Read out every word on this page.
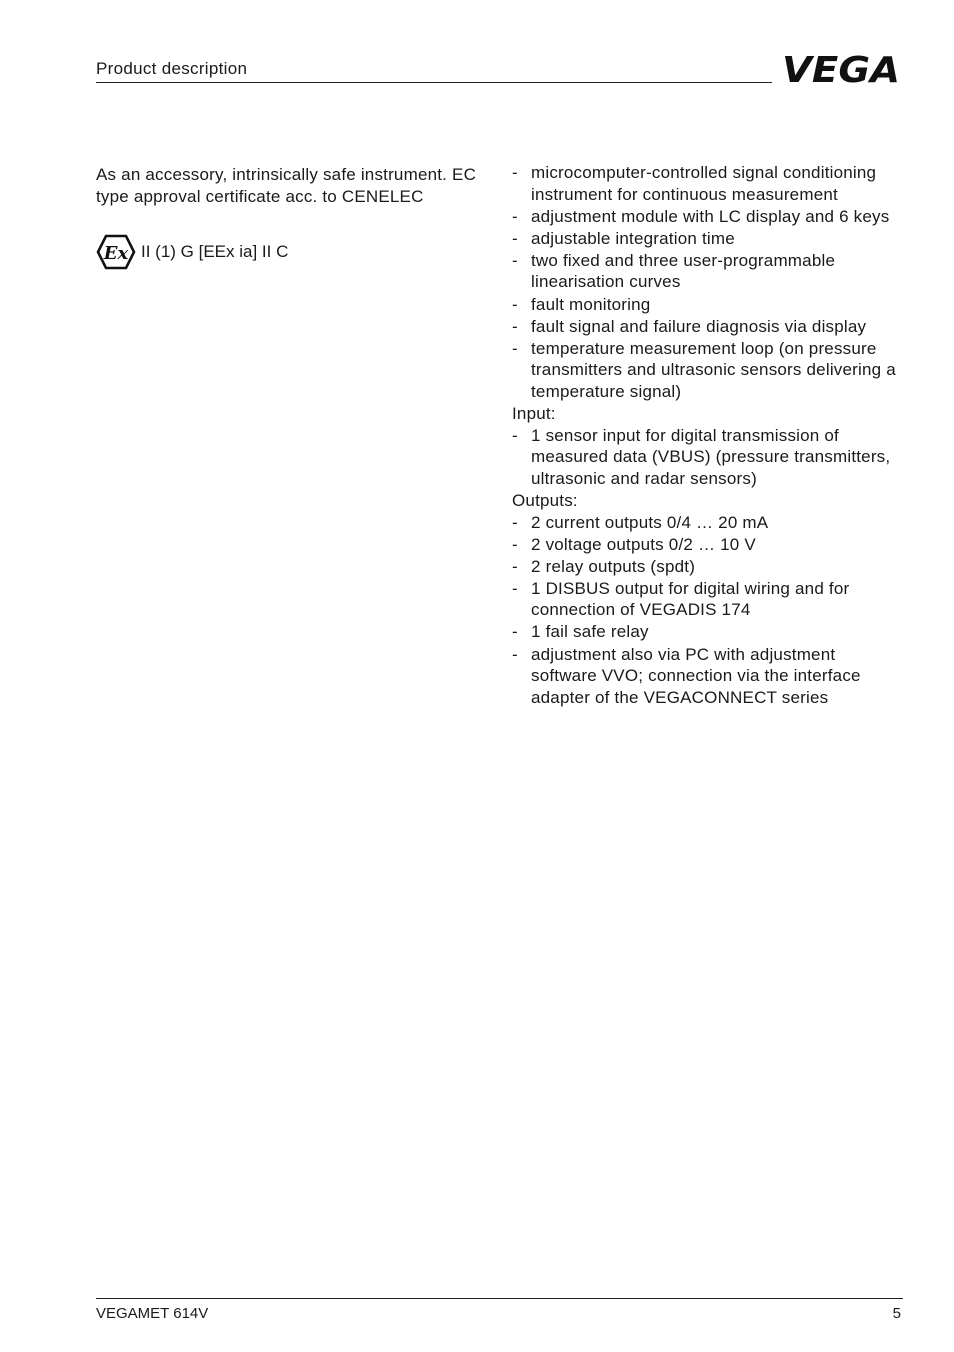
Product description	VEGA
As an accessory, intrinsically safe instrument. EC type approval certificate acc. to CENELEC
Ex II (1) G [EEx ia] II C
- microcomputer-controlled signal conditioning instrument for continuous measurement
- adjustment module with LC display and 6 keys
- adjustable integration time
- two fixed and three user-programmable linearisation curves
- fault monitoring
- fault signal and failure diagnosis via display
- temperature measurement loop (on pressure transmitters and ultrasonic sensors delivering a temperature signal)

Input:

- 1 sensor input for digital transmission of measured data (VBUS) (pressure transmitters, ultrasonic and radar sensors)

Outputs:

- 2 current outputs 0/4 … 20 mA
- 2 voltage outputs 0/2 … 10 V
- 2 relay outputs (spdt)
- 1 DISBUS output for digital wiring and for connection of VEGADIS 174
- 1 fail safe relay
- adjustment also via PC with adjustment software VVO; connection via the interface adapter of the VEGACONNECT series
VEGAMET 614V	5
